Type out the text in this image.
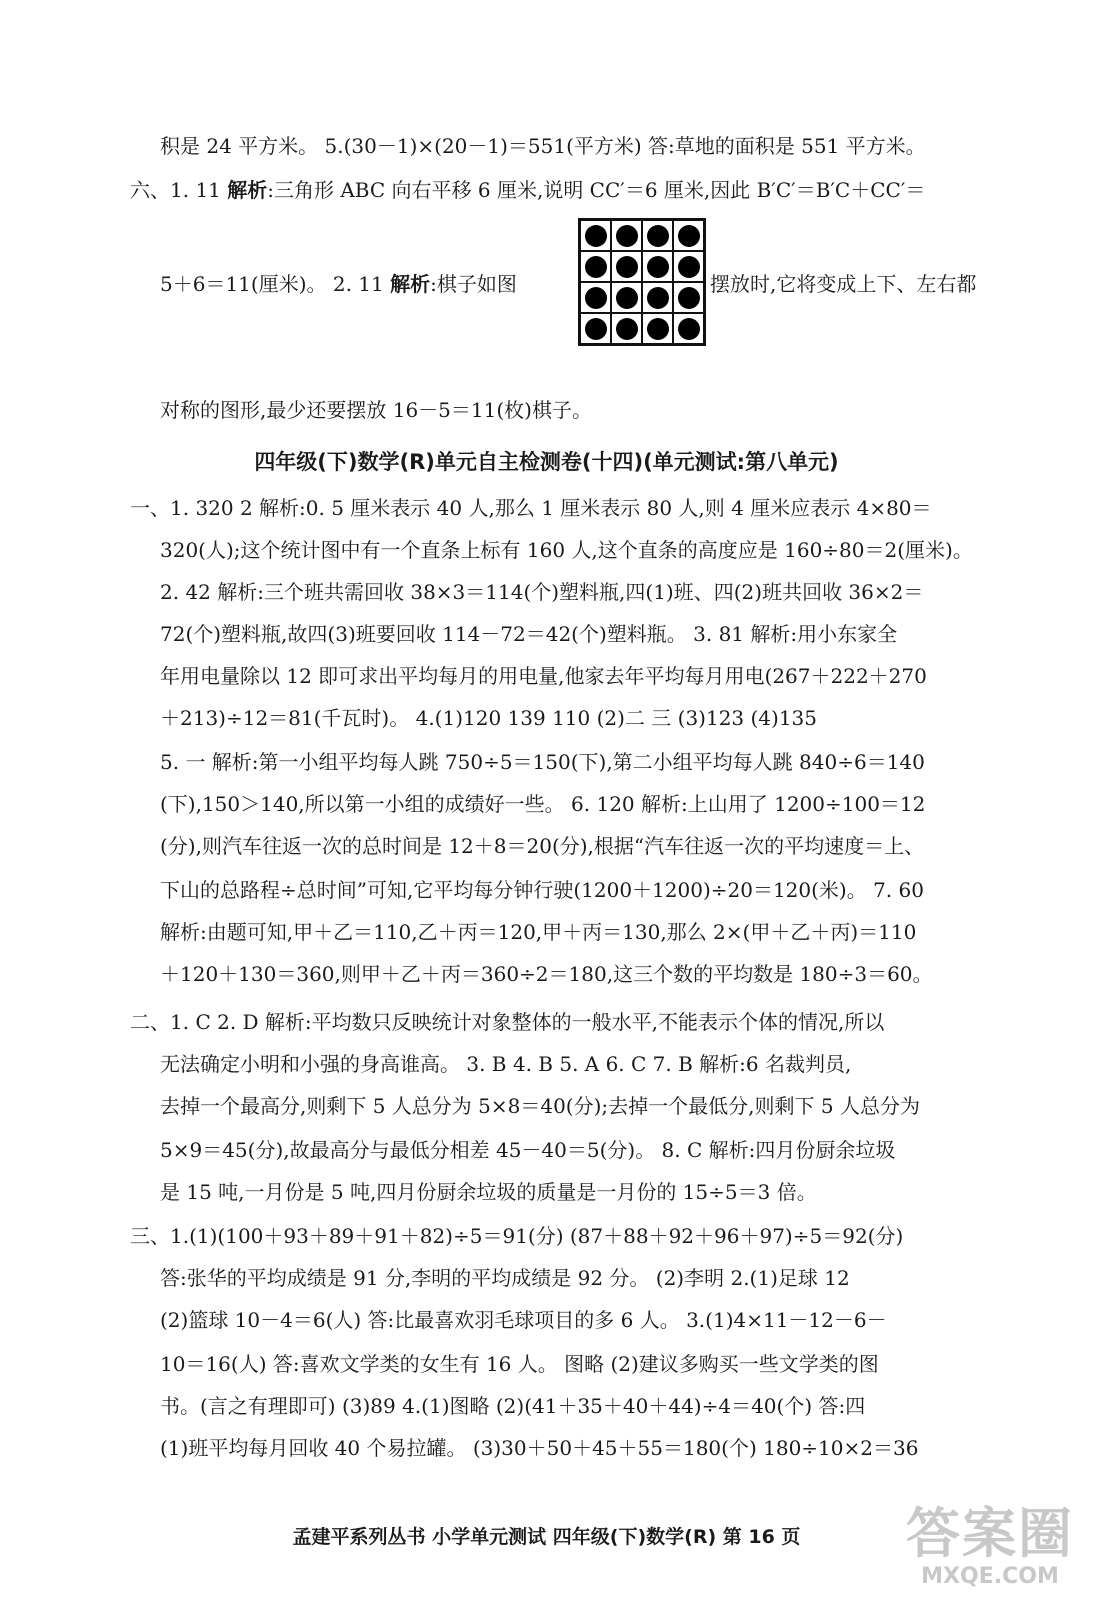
积是 24 平方米。 5.(30－1)×(20－1)＝551(平方米) 答:草地的面积是 551 平方米。
六、1. 11 解析:三角形 ABC 向右平移 6 厘米,说明 CC′＝6 厘米,因此 B′C′＝B′C＋CC′＝
5＋6＝11(厘米)。 2. 11 解析:棋子如图	摆放时,它将变成上下、左右都
对称的图形,最少还要摆放 16－5＝11(枚)棋子。
四年级(下)数学(R)单元自主检测卷(十四)(单元测试:第八单元)
一、1. 320 2 解析:0. 5 厘米表示 40 人,那么 1 厘米表示 80 人,则 4 厘米应表示 4×80＝
320(人);这个统计图中有一个直条上标有 160 人,这个直条的高度应是 160÷80＝2(厘米)。
2. 42 解析:三个班共需回收 38×3＝114(个)塑料瓶,四(1)班、四(2)班共回收 36×2＝
72(个)塑料瓶,故四(3)班要回收 114－72＝42(个)塑料瓶。 3. 81 解析:用小东家全
年用电量除以 12 即可求出平均每月的用电量,他家去年平均每月用电(267＋222＋270
＋213)÷12＝81(千瓦时)。 4.(1)120 139 110 (2)二 三 (3)123 (4)135
5. 一 解析:第一小组平均每人跳 750÷5＝150(下),第二小组平均每人跳 840÷6＝140
(下),150＞140,所以第一小组的成绩好一些。 6. 120 解析:上山用了 1200÷100＝12
(分),则汽车往返一次的总时间是 12＋8＝20(分),根据“汽车往返一次的平均速度＝上、
下山的总路程÷总时间”可知,它平均每分钟行驶(1200＋1200)÷20＝120(米)。 7. 60
解析:由题可知,甲＋乙＝110,乙＋丙＝120,甲＋丙＝130,那么 2×(甲＋乙＋丙)＝110
＋120＋130＝360,则甲＋乙＋丙＝360÷2＝180,这三个数的平均数是 180÷3＝60。
二、1. C 2. D 解析:平均数只反映统计对象整体的一般水平,不能表示个体的情况,所以
无法确定小明和小强的身高谁高。 3. B 4. B 5. A 6. C 7. B 解析:6 名裁判员,
去掉一个最高分,则剩下 5 人总分为 5×8＝40(分);去掉一个最低分,则剩下 5 人总分为
5×9＝45(分),故最高分与最低分相差 45－40＝5(分)。 8. C 解析:四月份厨余垃圾
是 15 吨,一月份是 5 吨,四月份厨余垃圾的质量是一月份的 15÷5＝3 倍。
三、1.(1)(100＋93＋89＋91＋82)÷5＝91(分) (87＋88＋92＋96＋97)÷5＝92(分)
答:张华的平均成绩是 91 分,李明的平均成绩是 92 分。 (2)李明 2.(1)足球 12
(2)篮球 10－4＝6(人) 答:比最喜欢羽毛球项目的多 6 人。 3.(1)4×11－12－6－
10＝16(人) 答:喜欢文学类的女生有 16 人。 图略 (2)建议多购买一些文学类的图
书。(言之有理即可) (3)89 4.(1)图略 (2)(41＋35＋40＋44)÷4＝40(个) 答:四
(1)班平均每月回收 40 个易拉罐。 (3)30＋50＋45＋55＝180(个) 180÷10×2＝36
孟建平系列丛书 小学单元测试 四年级(下)数学(R) 第 16 页	答案圈
MXQE.COM
